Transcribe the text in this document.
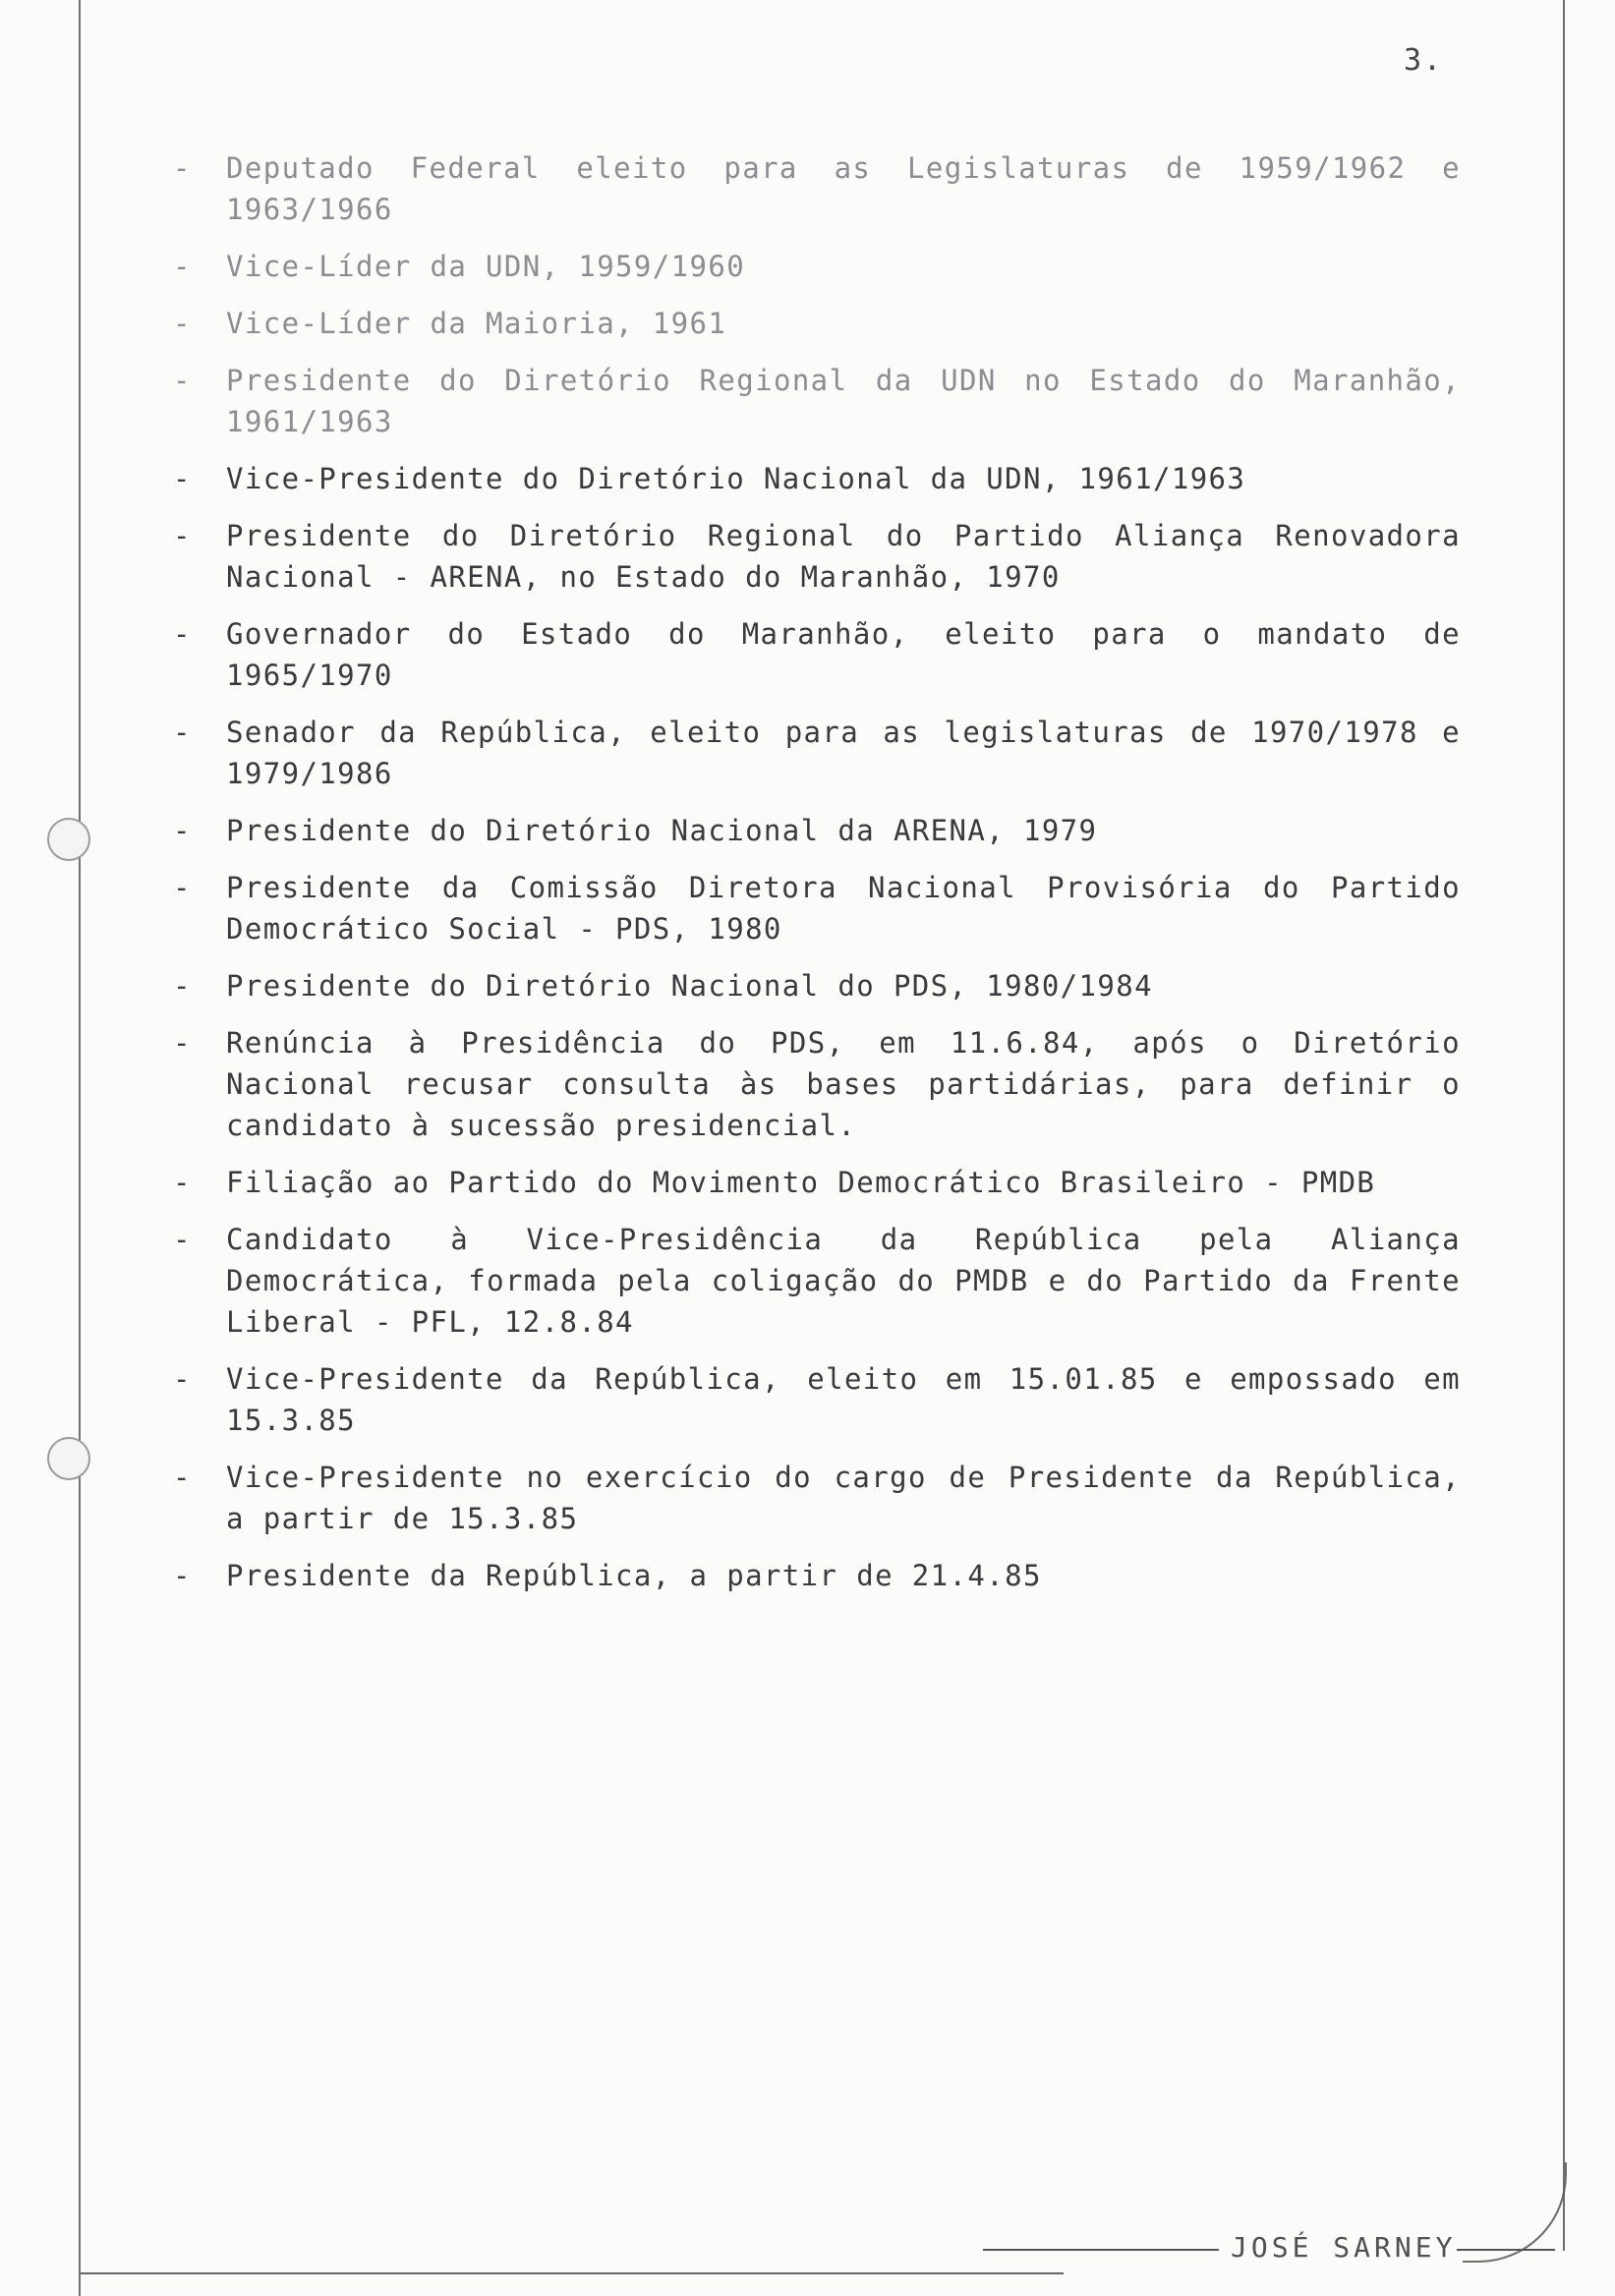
3.
- Deputado Federal eleito para as Legislaturas de 1959/1962 e 1963/1966
- Vice-Líder da UDN, 1959/1960
- Vice-Líder da Maioria, 1961
- Presidente do Diretório Regional da UDN no Estado do Maranhão, 1961/1963
- Vice-Presidente do Diretório Nacional da UDN, 1961/1963
- Presidente do Diretório Regional do Partido Aliança Renovadora Nacional - ARENA, no Estado do Maranhão, 1970
- Governador do Estado do Maranhão, eleito para o mandato de 1965/1970
- Senador da República, eleito para as legislaturas de 1970/1978 e 1979/1986
- Presidente do Diretório Nacional da ARENA, 1979
- Presidente da Comissão Diretora Nacional Provisória do Partido Democrático Social - PDS, 1980
- Presidente do Diretório Nacional do PDS, 1980/1984
- Renúncia à Presidência do PDS, em 11.6.84, após o Diretório Nacional recusar consulta às bases partidárias, para definir o candidato à sucessão presidencial.
- Filiação ao Partido do Movimento Democrático Brasileiro - PMDB
- Candidato à Vice-Presidência da República pela Aliança Democrática, formada pela coligação do PMDB e do Partido da Frente Liberal - PFL, 12.8.84
- Vice-Presidente da República, eleito em 15.01.85 e empossado em 15.3.85
- Vice-Presidente no exercício do cargo de Presidente da República, a partir de 15.3.85
- Presidente da República, a partir de 21.4.85
JOSÉ SARNEY
